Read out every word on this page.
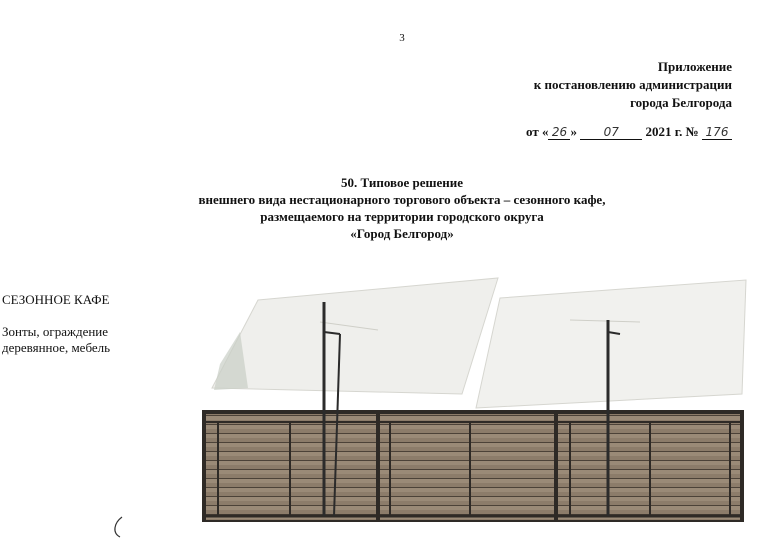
3
Приложение
к постановлению администрации
города Белгорода
от « 26 » 07 2021 г. № 176
50. Типовое решение
внешнего вида нестационарного торгового объекта – сезонного кафе,
размещаемого на территории городского округа
«Город Белгород»
СЕЗОННОЕ КАФЕ
Зонты, ограждение
деревянное, мебель
